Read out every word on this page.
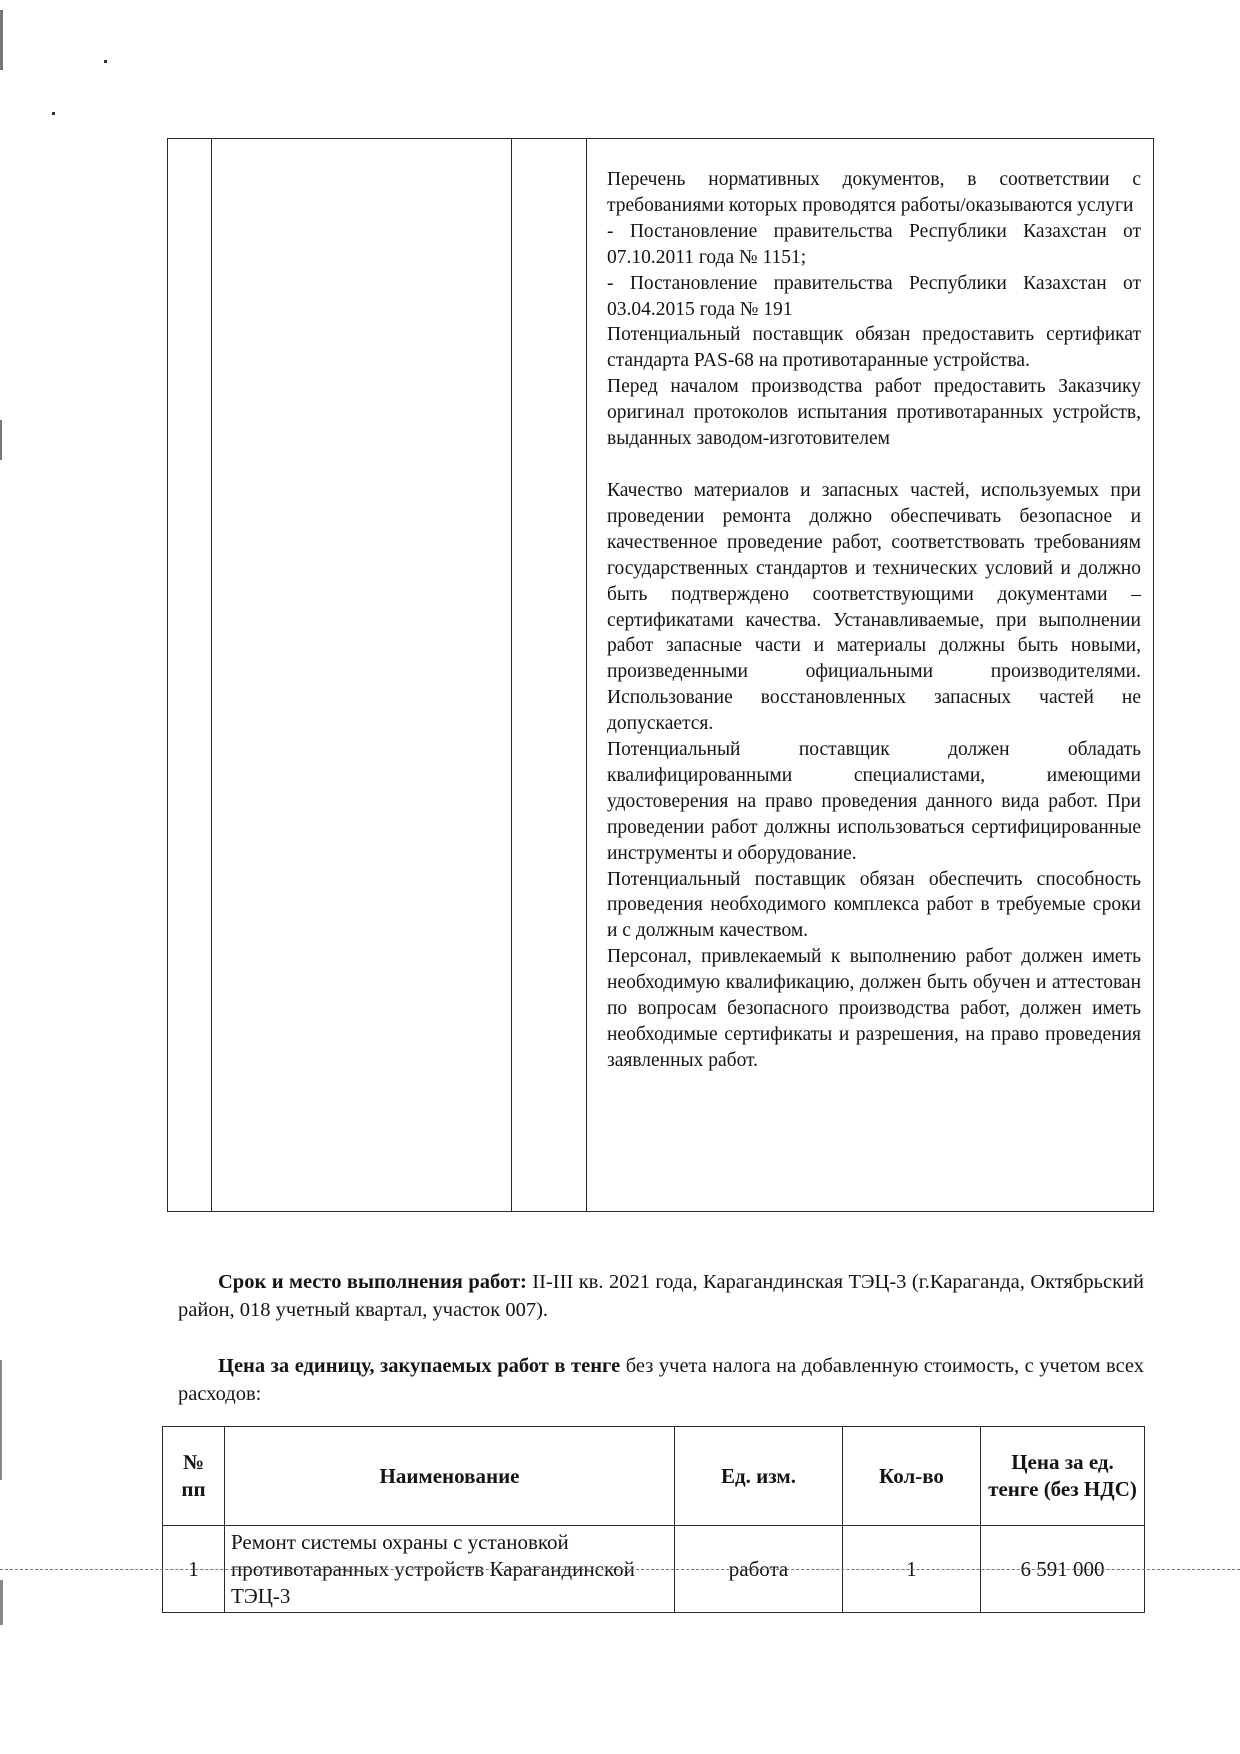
Перечень нормативных документов, в соответствии с требованиями которых проводятся работы/оказываются услуги

- Постановление правительства Республики Казахстан от 07.10.2011 года № 1151;

- Постановление правительства Республики Казахстан от 03.04.2015 года № 191

Потенциальный поставщик обязан предоставить сертификат стандарта PAS-68 на противотаранные устройства.

Перед началом производства работ предоставить Заказчику оригинал протоколов испытания противотаранных устройств, выданных заводом-изготовителем

Качество материалов и запасных частей, используемых при проведении ремонта должно обеспечивать безопасное и качественное проведение работ, соответствовать требованиям государственных стандартов и технических условий и должно быть подтверждено соответствующими документами – сертификатами качества. Устанавливаемые, при выполнении работ запасные части и материалы должны быть новыми, произведенными официальными производителями. Использование восстановленных запасных частей не допускается.

Потенциальный поставщик должен обладать квалифицированными специалистами, имеющими удостоверения на право проведения данного вида работ. При проведении работ должны использоваться сертифицированные инструменты и оборудование.

Потенциальный поставщик обязан обеспечить способность проведения необходимого комплекса работ в требуемые сроки и с должным качеством.

Персонал, привлекаемый к выполнению работ должен иметь необходимую квалификацию, должен быть обучен и аттестован по вопросам безопасного производства работ, должен иметь необходимые сертификаты и разрешения, на право проведения заявленных работ.

Срок и место выполнения работ: II-III кв. 2021 года, Карагандинская ТЭЦ-3 (г.Караганда, Октябрьский район, 018 учетный квартал, участок 007).

Цена за единицу, закупаемых работ в тенге без учета налога на добавленную стоимость, с учетом всех расходов:

№ пп	Наименование	Ед. изм.	Кол-во	Цена за ед. тенге (без НДС)
1	Ремонт системы охраны с установкой противотаранных устройств Карагандинской ТЭЦ-3	работа	1	6 591 000
